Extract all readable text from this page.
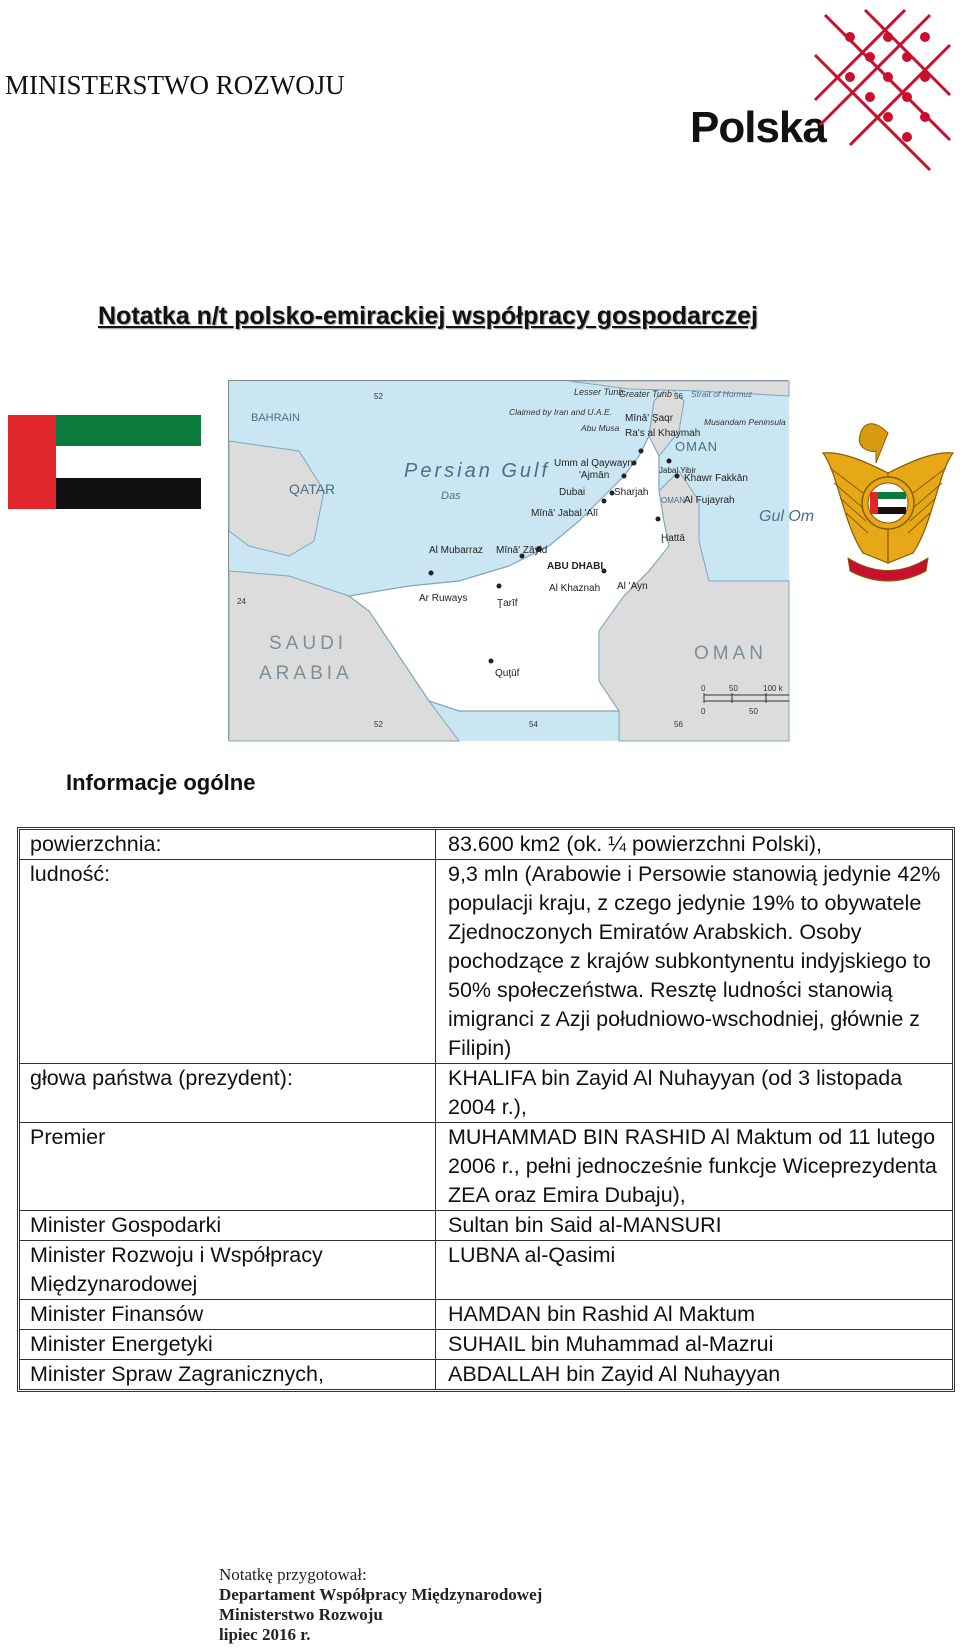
MINISTERSTWO ROZWOJU
Polska
Notatka n/t polsko-emirackiej współpracy gospodarczej
BAHRAIN
QATAR
Persian Gulf
Das
Lesser Tunb
Greater Tunb
Claimed by Iran and U.A.E.
Abu Musa
Strait of Hormuz
Musandam Peninsula
Mīnā' Şaqr
Ra's al Khaymah
OMAN
Umm al Qaywayn
'Ajmān	Jabal Yibir
Dubai	Sharjah
Khawr Fakkān
OMAN Al Fujayrah
Mīnā' Jabal 'Alī
Al Mubarraz Mīnā' Zāyid
ABU DHABI
Ḩattā
Gul Om
Ar Ruways
Al Khaznah Al 'Ayn
Ţarīf
SAUDI
ARABIA
OMAN
Quţūf
52
52	54
56
56
24
0	50	100 k
0	50
Informacje ogólne
powierzchnia:	83.600 km2 (ok. ¼ powierzchni Polski),
ludność:	9,3 mln (Arabowie i Persowie stanowią jedynie 42% populacji kraju, z czego jedynie 19% to obywatele Zjednoczonych Emiratów Arabskich. Osoby pochodzące z krajów subkontynentu indyjskiego to 50% społeczeństwa. Resztę ludności stanowią imigranci z Azji południowo-wschodniej, głównie z Filipin)
głowa państwa (prezydent):	KHALIFA bin Zayid Al Nuhayyan (od 3 listopada 2004 r.),
Premier	MUHAMMAD BIN RASHID Al Maktum od 11 lutego 2006 r., pełni jednocześnie funkcje Wiceprezydenta ZEA oraz Emira Dubaju),
Minister Gospodarki	Sultan bin Said al-MANSURI
Minister Rozwoju i Współpracy Międzynarodowej	LUBNA al-Qasimi
Minister Finansów	HAMDAN bin Rashid Al Maktum
Minister Energetyki	SUHAIL bin Muhammad al-Mazrui
Minister Spraw Zagranicznych,	ABDALLAH bin Zayid Al Nuhayyan
Notatkę przygotował:
Departament Współpracy Międzynarodowej
Ministerstwo Rozwoju
lipiec 2016 r.
